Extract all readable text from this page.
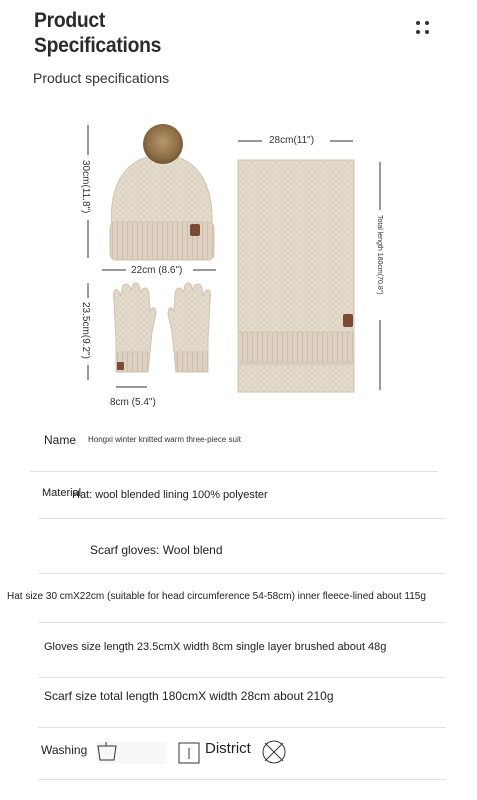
Product
Specifications
Product specifications
30cm(11.8")
22cm (8.6")
23.5cm(9.2")
8cm (5.4")
28cm(11")
Total length 180cm(70.8")
Name Hongxi winter knitted warm three-piece suit
Material
Hat: wool blended lining 100% polyester
Scarf gloves: Wool blend
Hat size 30 cmX22cm (suitable for head circumference 54-58cm) inner fleece-lined about 115g
Gloves size length 23.5cmX width 8cm single layer brushed about 48g
Scarf size total length 180cmX width 28cm about 210g
Washing	District
